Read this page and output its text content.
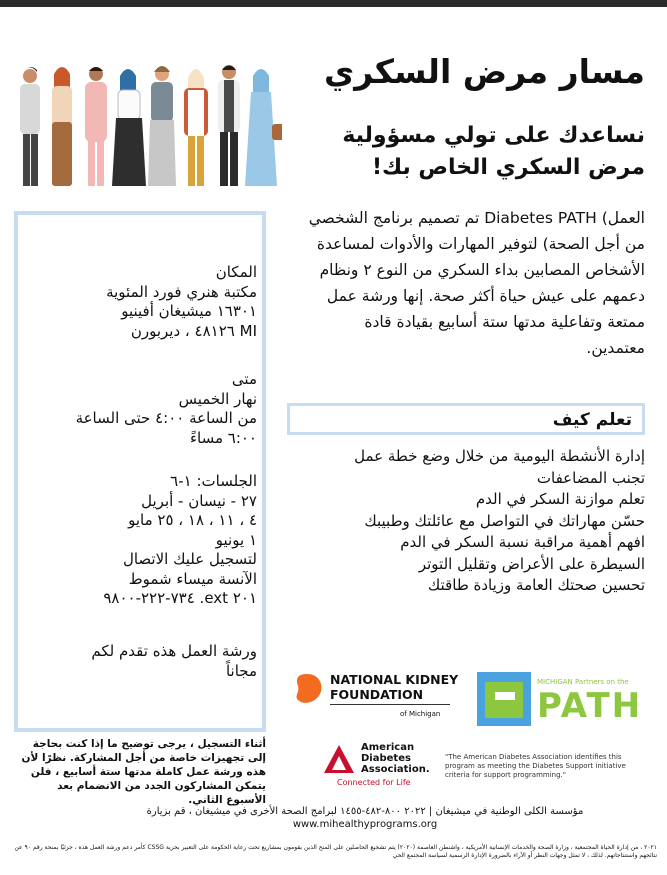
مسار مرض السكري
نساعدك على تولي مسؤولية مرض السكري الخاص بك!
العمل) Diabetes PATH تم تصميم برنامج الشخصي من أجل الصحة) لتوفير المهارات والأدوات لمساعدة الأشخاص المصابين بداء السكري من النوع ٢ ونظام دعمهم على عيش حياة أكثر صحة. إنها ورشة عمل ممتعة وتفاعلية مدتها ستة أسابيع بقيادة قادة معتمدين.
تعلم كيف
إدارة الأنشطة اليومية من خلال وضع خطة عمل
تجنب المضاعفات
تعلم موازنة السكر في الدم
حسّن مهاراتك في التواصل مع عائلتك وطبيبك
افهم أهمية مراقبة نسبة السكر في الدم
السيطرة على الأعراض وتقليل التوتر
تحسين صحتك العامة وزيادة طاقتك
المكان
مكتبة هنري فورد المئوية
١٦٣٠١ ميشيغان أفينيو
MI ٤٨١٢٦ ، ديربورن
متى
نهار الخميس
من الساعة ٤:٠٠ حتى الساعة
٦:٠٠ مساءً
الجلسات: ١-٦
٢٧ - نيسان - أبريل
٤ ، ١١ ، ١٨ ، ٢٥ مايو
١ يونيو
لتسجيل عليك الاتصال
الآنسة ميساء شموط
٢٠١ ext. ٧٣٤-٢٢٢-٩٨٠٠
ورشة العمل هذه تقدم لكم
مجاناً
أثناء التسجيل ، يرجى توضيح ما إذا كنت بحاجة إلى تجهيزات خاصة من أجل المشاركة. نظرًا لأن هذه ورشة عمل كاملة مدتها ستة أسابيع ، فلن يتمكن المشاركون الجدد من الانضمام بعد الأسبوع الثاني.
NATIONAL KIDNEY
FOUNDATION
of Michigan
MICHIGAN Partners on the
PATH
American
Diabetes
Association.
Connected for Life
"The American Diabetes Association identifies this program as meeting the Diabetes Support initiative criteria for support programming."
مؤسسة الكلى الوطنية في ميشيغان | ٢٠٢٢ ٨٠٠-٤٨٢-١٤٥٥ لبرامج الصحة الأخرى في ميشيغان ، قم بزيارة
www.mihealthyprograms.org
٢٠٢١ ، من إدارة الحياة المجتمعية ، وزارة الصحة والخدمات الإنسانية الأمريكية ، واشنطن العاصمة (٢٠٢٠) يتم تشجيع الحاصلين على المنح الذين يقومون بمشاريع تحت رعاية الحكومة على التعبير بحرية CSSG كأمر دعم ورشة العمل هذه ، جزئيًا بمنحة رقم ٩٠ عن نتائجهم واستنتاجاتهم. لذلك ، لا تمثل وجهات النظر أو الآراء بالضرورة الإدارة الرسمية لسياسة المجتمع الحي
